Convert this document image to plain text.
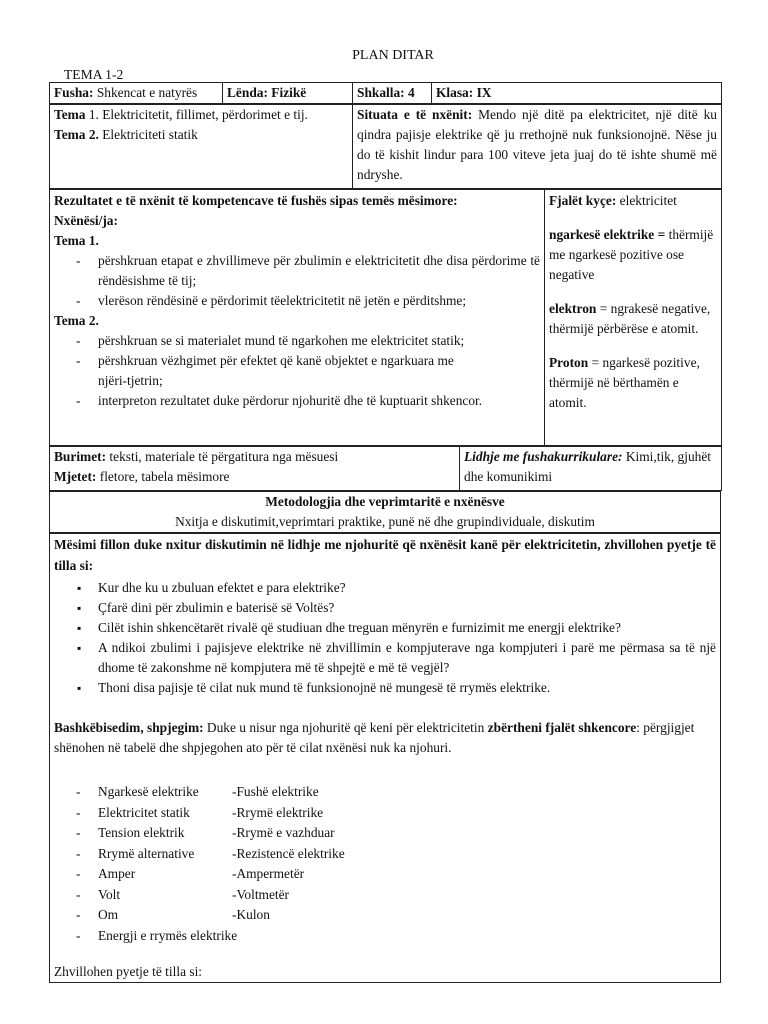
PLAN DITAR
TEMA 1-2
Fusha: Shkencat e natyrës	Lënda: Fizikë	Shkalla: 4	Klasa: IX
Tema 1. Elektricitetit, fillimet, përdorimet e tij.
Tema 2. Elektriciteti statik
	Situata e të nxënit: Mendo një ditë pa elektricitet, një ditë ku qindra pajisje elektrike që ju rrethojnë nuk funksionojnë. Nëse ju do të kishit lindur para 100 viteve jeta juaj do të ishte shumë më ndryshe.
Rezultatet e të nxënit të kompetencave të fushës sipas temës mësimore:
Nxënësi/ja:
Tema 1.
- përshkruan etapat e zhvillimeve për zbulimin e elektricitetit dhe disa përdorime të rëndësishme të tij;
- vlerëson rëndësinë e përdorimit tëelektricitetit në jetën e përditshme;
Tema 2.
- përshkruan se si materialet mund të ngarkohen me elektricitet statik;
- përshkruan vëzhgimet për efektet që kanë objektet e ngarkuara me njëri-tjetrin;
- interpreton rezultatet duke përdorur njohuritë dhe të kuptuarit shkencor.

Fjalët kyçe: elektricitet
ngarkesë elektrike = thërmijë me ngarkesë pozitive ose negative
elektron = ngrakesë negative, thërmijë përbërëse e atomit.
Proton = ngarkesë pozitive, thërmijë në bërthamën e atomit.
Burimet: teksti, materiale të përgatitura nga mësuesi
Mjetet: fletore, tabela mësimore
	Lidhje me fushakurrikulare: Kimi,tik, gjuhët dhe komunikimi
Metodologjia dhe veprimtaritë e nxënësve
Nxitja e diskutimit,veprimtari praktike, punë në dhe grupindividuale, diskutim
Mësimi fillon duke nxitur diskutimin në lidhje me njohuritë që nxënësit kanë për elektricitetin, zhvillohen pyetje të tilla si:
▪ Kur dhe ku u zbuluan efektet e para elektrike?
▪ Çfarë dini për zbulimin e baterisë së Voltës?
▪ Cilët ishin shkencëtarët rivalë që studiuan dhe treguan mënyrën e furnizimit me energji elektrike?
▪ A ndikoi zbulimi i pajisjeve elektrike në zhvillimin e kompjuterave nga kompjuteri i parë me përmasa sa të një dhome të zakonshme në kompjutera më të shpejtë e më të vegjël?
▪ Thoni disa pajisje të cilat nuk mund të funksionojnë në mungesë të rrymës elektrike.
Bashkëbisedim, shpjegim: Duke u nisur nga njohuritë që keni për elektricitetin zbërtheni fjalët shkencore: përgjigjet shënohen në tabelë dhe shpjegohen ato për të cilat nxënësi nuk ka njohuri.
- Ngarkesë elektrike -Fushë elektrike
- Elektricitet statik	-Rrymë elektrike
- Tension elektrik	-Rrymë e vazhduar
- Rrymë alternative	-Rezistencë elektrike
- Amper	-Ampermetër
- Volt	-Voltmetër
- Om	-Kulon
- Energji e rrymës elektrike
Zhvillohen pyetje të tilla si:
